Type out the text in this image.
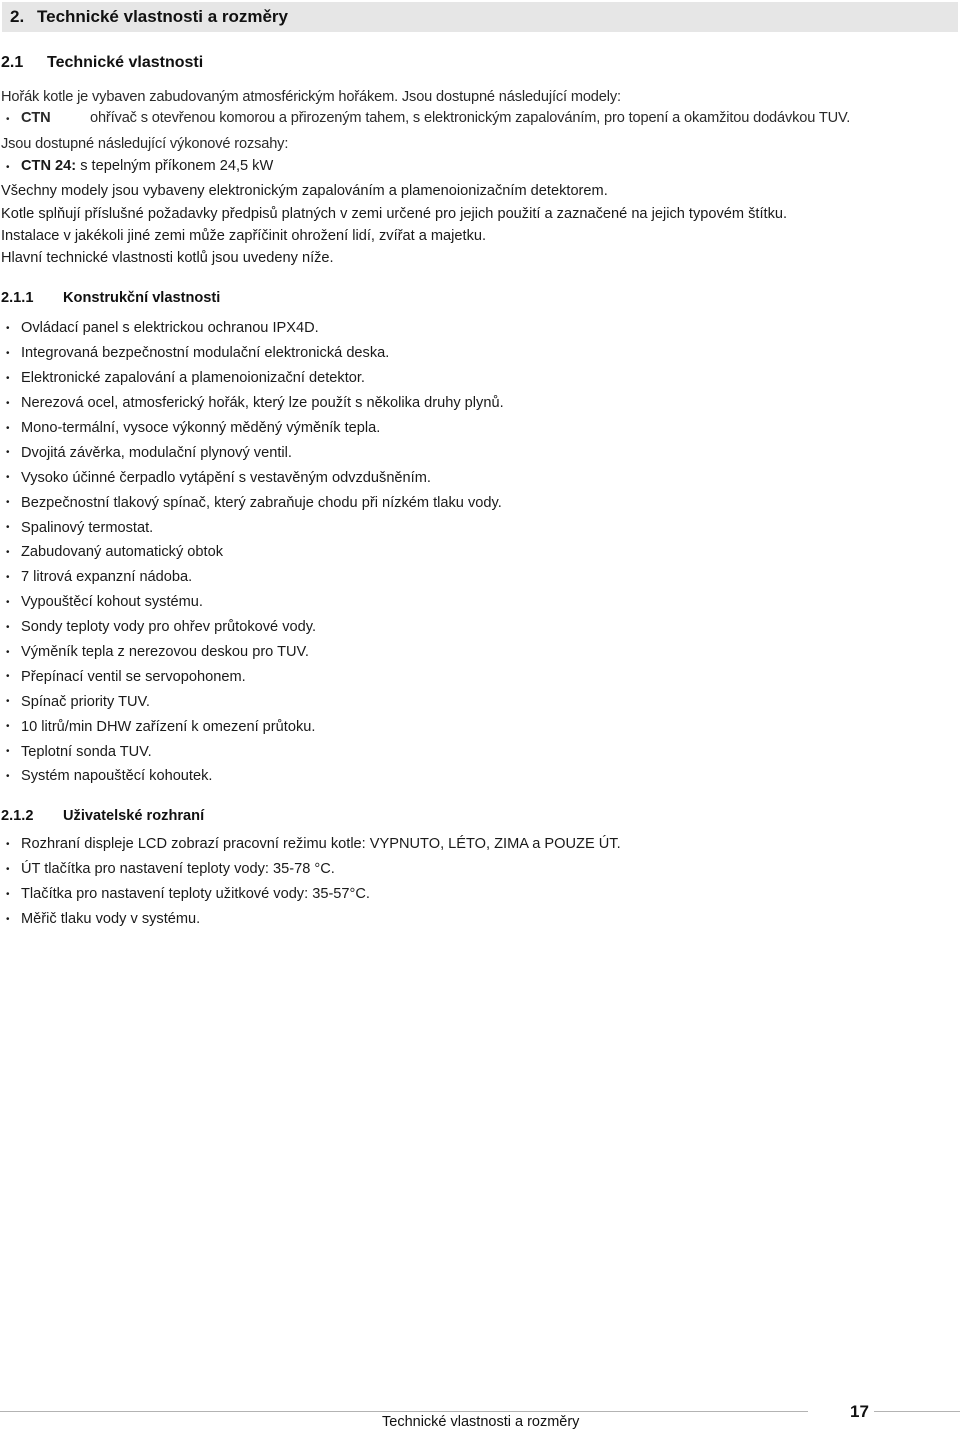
2. Technické vlastnosti a rozměry
2.1	Technické vlastnosti
Hořák kotle je vybaven zabudovaným atmosférickým hořákem. Jsou dostupné následující modely:
• CTN	ohřívač s otevřenou komorou a přirozeným tahem, s elektronickým zapalováním, pro topení a okamžitou dodávkou TUV.
Jsou dostupné následující výkonové rozsahy:
• CTN 24: s tepelným příkonem 24,5 kW
Všechny modely jsou vybaveny elektronickým zapalováním a plamenoionizačním detektorem.
Kotle splňují příslušné požadavky předpisů platných v zemi určené pro jejich použití a zaznačené na jejich typovém štítku.
Instalace v jakékoli jiné zemi může zapříčinit ohrožení lidí, zvířat a majetku.
Hlavní technické vlastnosti kotlů jsou uvedeny níže.
2.1.1	Konstrukční vlastnosti
• Ovládací panel s elektrickou ochranou IPX4D.
• Integrovaná bezpečnostní modulační elektronická deska.
• Elektronické zapalování a plamenoionizační detektor.
• Nerezová ocel, atmosferický hořák, který lze použít s několika druhy plynů.
• Mono-termální, vysoce výkonný měděný výměník tepla.
• Dvojitá závěrka, modulační plynový ventil.
• Vysoko účinné čerpadlo vytápění s vestavěným odvzdušněním.
• Bezpečnostní tlakový spínač, který zabraňuje chodu při nízkém tlaku vody.
• Spalinový termostat.
• Zabudovaný automatický obtok
• 7 litrová expanzní nádoba.
• Vypouštěcí kohout systému.
• Sondy teploty vody pro ohřev průtokové vody.
• Výměník tepla z nerezovou deskou pro TUV.
• Přepínací ventil se servopohonem.
• Spínač priority TUV.
• 10 litrů/min DHW zařízení k omezení průtoku.
• Teplotní sonda TUV.
• Systém napouštěcí kohoutek.
2.1.2	Uživatelské rozhraní
• Rozhraní displeje LCD zobrazí pracovní režimu kotle: VYPNUTO, LÉTO, ZIMA a POUZE ÚT.
• ÚT tlačítka pro nastavení teploty vody: 35-78 °C.
• Tlačítka pro nastavení teploty užitkové vody: 35-57°C.
• Měřič tlaku vody v systému.
Technické vlastnosti a rozměry
17
